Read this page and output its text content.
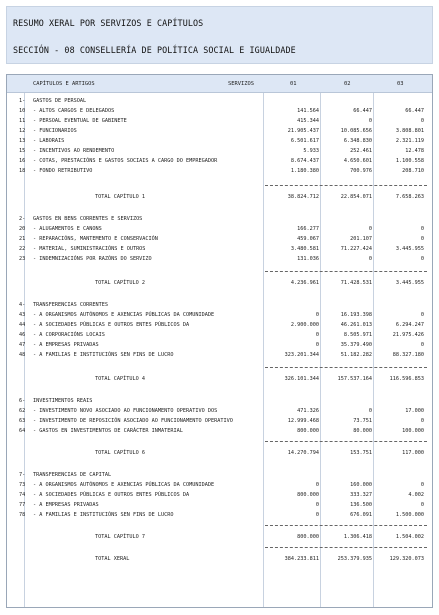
RESUMO XERAL POR SERVIZOS E CAPÍTULOS
SECCIÓN - 08 CONSELLERÍA DE POLÍTICA SOCIAL E IGUALDADE
CAPÍTULOS E ARTIGOS	SERVIZOS	01	02	03
1- GASTOS DE PERSOAL
10 - ALTOS CARGOS E DELEGADOS	141.564	66.447	66.447
11 - PERSOAL EVENTUAL DE GABINETE	415.344	0	0
12 - FUNCIONARIOS	21.905.437	10.085.656	3.808.801
13 - LABORAIS	6.501.617	6.348.830	2.321.119
15 - INCENTIVOS AO RENDEMENTO	5.933	252.461	12.478
16 - COTAS, PRESTACIÓNS E GASTOS SOCIAIS A CARGO DO EMPREGADOR	8.674.437	4.650.601	1.100.558
18 - FONDO RETRIBUTIVO	1.180.380	700.976	208.710
TOTAL CAPÍTULO 1	38.824.712	22.854.071	7.658.263
2- GASTOS EN BENS CORRENTES E SERVIZOS
20 - ALUGAMENTOS E CANONS	166.277	0	0
21 - REPARACIÓNS, MANTEMENTO E CONSERVACIÓN	459.067	201.107	0
22 - MATERIAL, SUMINISTRACIÓNS E OUTROS	3.480.581	71.227.424	3.445.955
23 - INDEMNIZACIÓNS POR RAZÓNS DO SERVIZO	131.036	0	0
TOTAL CAPÍTULO 2	4.236.961	71.428.531	3.445.955
4- TRANSFERENCIAS CORRENTES
43 - A ORGANISMOS AUTÓNOMOS E AXENCIAS PÚBLICAS DA COMUNIDADE	0	16.193.398	0
44 - A SOCIEDADES PÚBLICAS E OUTROS ENTES PÚBLICOS DA	2.900.000	46.261.013	6.294.247
46 - A CORPORACIÓNS LOCAIS	0	8.505.971	21.975.426
47 - A EMPRESAS PRIVADAS	0	35.379.490	0
48 - A FAMILIAS E INSTITUCIÓNS SEN FINS DE LUCRO	323.201.344	51.182.282	88.327.180
TOTAL CAPÍTULO 4	326.101.344	157.537.164	116.596.853
6- INVESTIMENTOS REAIS
62 - INVESTIMENTO NOVO ASOCIADO AO FUNCIONAMENTO OPERATIVO DOS	471.326	0	17.000
63 - INVESTIMENTO DE REPOSICIÓN ASOCIADO AO FUNCIONAMENTO OPERATIVO	12.999.468	73.751	0
64 - GASTOS EN INVESTIMENTOS DE CARÁCTER INMATERIAL	800.000	80.000	100.000
TOTAL CAPÍTULO 6	14.270.794	153.751	117.000
7- TRANSFERENCIAS DE CAPITAL
73 - A ORGANISMOS AUTÓNOMOS E AXENCIAS PÚBLICAS DA COMUNIDADE	0	160.000	0
74 - A SOCIEDADES PÚBLICAS E OUTROS ENTES PÚBLICOS DA	800.000	333.327	4.002
77 - A EMPRESAS PRIVADAS	0	136.500	0
78 - A FAMILIAS E INSTITUCIÓNS SEN FINS DE LUCRO	0	676.091	1.500.000
TOTAL CAPÍTULO 7	800.000	1.306.418	1.504.002
TOTAL XERAL	384.233.811	253.379.935	129.320.073
